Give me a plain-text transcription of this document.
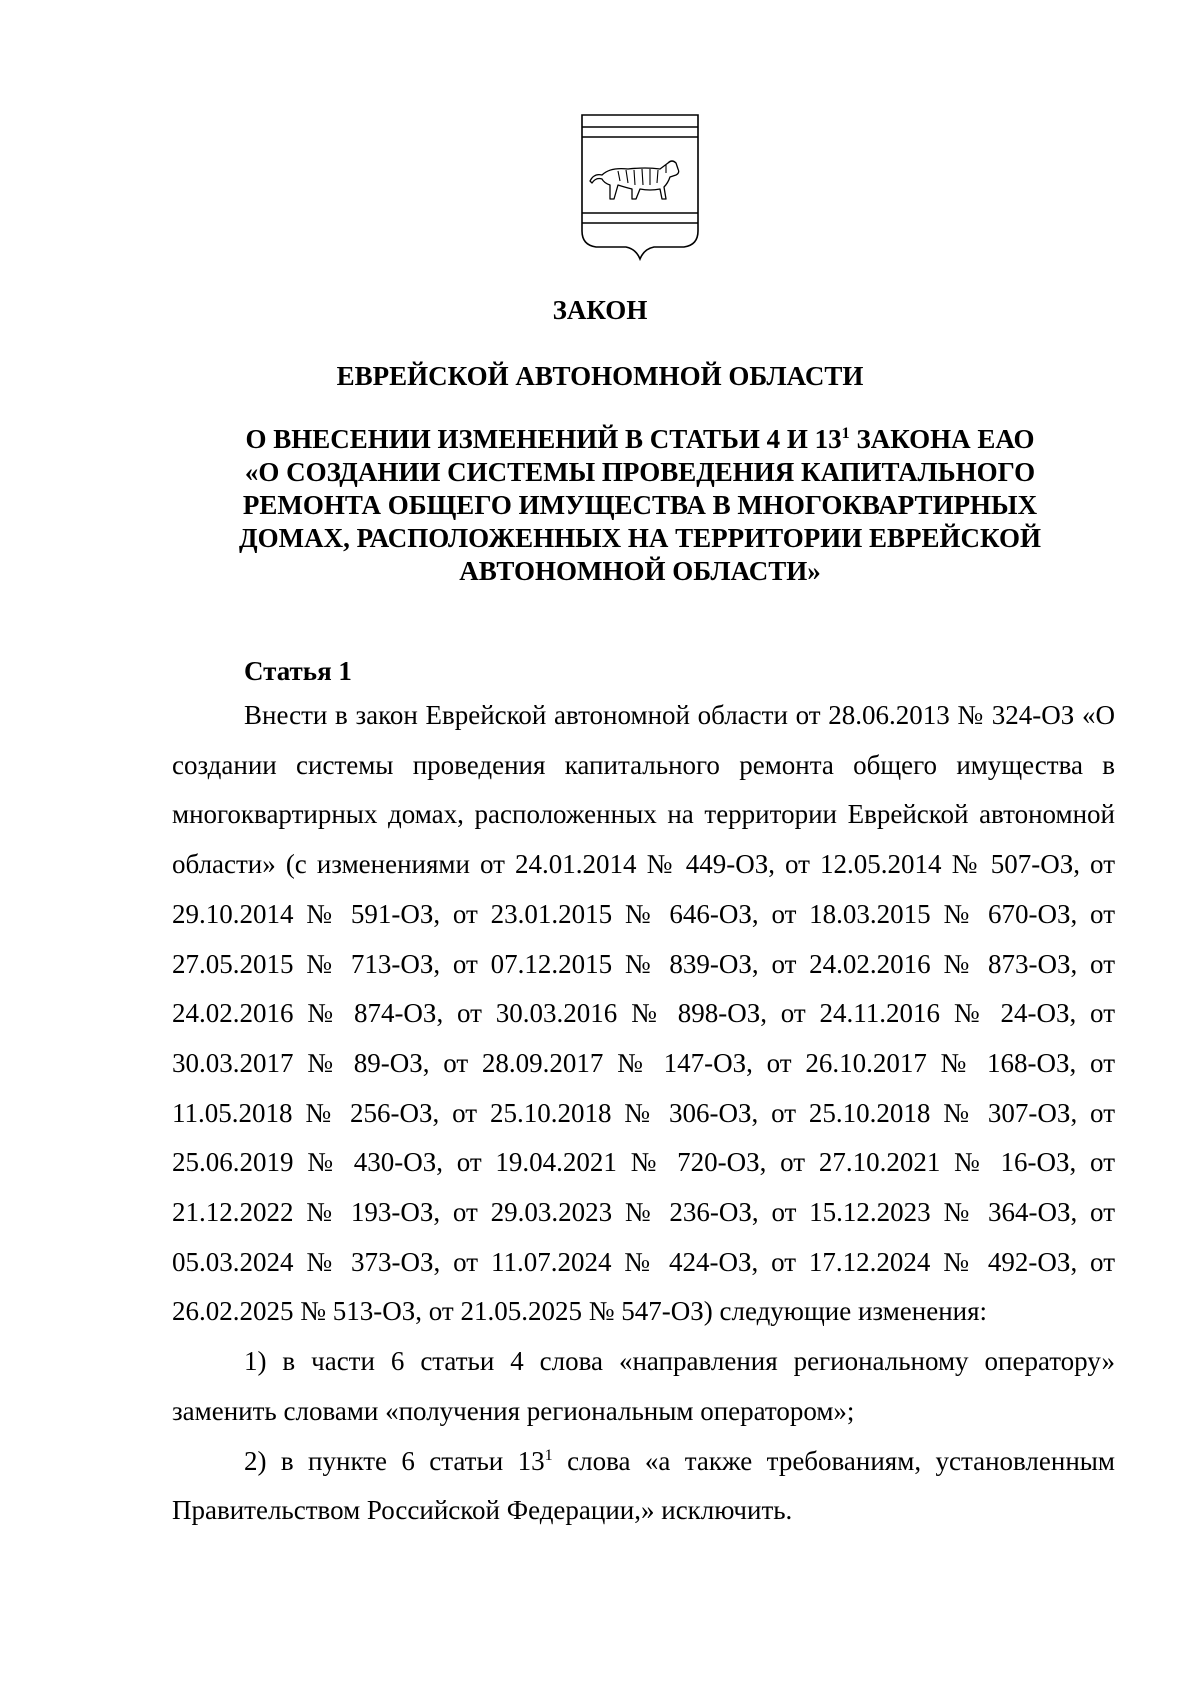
ЗАКОН
ЕВРЕЙСКОЙ АВТОНОМНОЙ ОБЛАСТИ
О ВНЕСЕНИИ ИЗМЕНЕНИЙ В СТАТЬИ 4 И $13^1$ ЗАКОНА ЕАО
«О СОЗДАНИИ СИСТЕМЫ ПРОВЕДЕНИЯ КАПИТАЛЬНОГО
РЕМОНТА ОБЩЕГО ИМУЩЕСТВА В МНОГОКВАРТИРНЫХ
ДОМАХ, РАСПОЛОЖЕННЫХ НА ТЕРРИТОРИИ ЕВРЕЙСКОЙ
АВТОНОМНОЙ ОБЛАСТИ»
Статья 1

Внести в закон Еврейской автономной области от 28.06.2013 № 324-ОЗ «О создании системы проведения капитального ремонта общего имущества в многоквартирных домах, расположенных на территории Еврейской автономной области» (с изменениями от 24.01.2014 № 449-ОЗ, от 12.05.2014 № 507-ОЗ, от 29.10.2014 № 591-ОЗ, от 23.01.2015 № 646-ОЗ, от 18.03.2015 № 670-ОЗ, от 27.05.2015 № 713-ОЗ, от 07.12.2015 № 839-ОЗ, от 24.02.2016 № 873-ОЗ, от 24.02.2016 № 874-ОЗ, от 30.03.2016 № 898-ОЗ, от 24.11.2016 № 24-ОЗ, от 30.03.2017 № 89-ОЗ, от 28.09.2017 № 147-ОЗ, от 26.10.2017 № 168-ОЗ, от 11.05.2018 № 256-ОЗ, от 25.10.2018 № 306-ОЗ, от 25.10.2018 № 307-ОЗ, от 25.06.2019 № 430-ОЗ, от 19.04.2021 № 720-ОЗ, от 27.10.2021 № 16-ОЗ, от 21.12.2022 № 193-ОЗ, от 29.03.2023 № 236-ОЗ, от 15.12.2023 № 364-ОЗ, от 05.03.2024 № 373-ОЗ, от 11.07.2024 № 424-ОЗ, от 17.12.2024 № 492-ОЗ, от 26.02.2025 № 513-ОЗ, от 21.05.2025 № 547-ОЗ) следующие изменения:

1) в части 6 статьи 4 слова «направления региональному оператору» заменить словами «получения региональным оператором»;

2) в пункте 6 статьи $13^1$ слова «а также требованиям, установленным Правительством Российской Федерации,» исключить.
